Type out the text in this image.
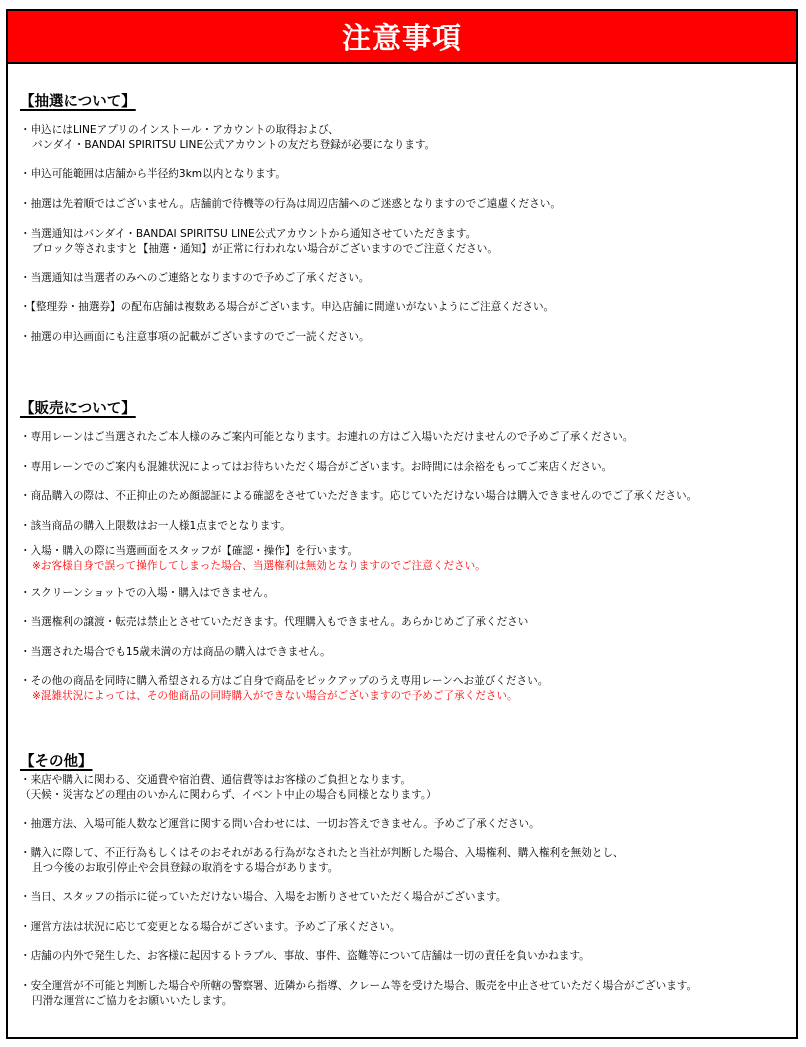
注意事項
【抽選について】
・申込にはLINEアプリのインストール・アカウントの取得および、
バンダイ・BANDAI SPIRITSU LINE公式アカウントの友だち登録が必要になります。
・申込可能範囲は店舗から半径約3km以内となります。
・抽選は先着順ではございません。店舗前で待機等の行為は周辺店舗へのご迷惑となりますのでご遠慮ください。
・当選通知はバンダイ・BANDAI SPIRITSU LINE公式アカウントから通知させていただきます。
ブロック等されますと【抽選・通知】が正常に行われない場合がございますのでご注意ください。
・当選通知は当選者のみへのご連絡となりますので予めご了承ください。
・【整理券・抽選券】の配布店舗は複数ある場合がございます。申込店舗に間違いがないようにご注意ください。
・抽選の申込画面にも注意事項の記載がございますのでご一読ください。
【販売について】
・専用レーンはご当選されたご本人様のみご案内可能となります。お連れの方はご入場いただけませんので予めご了承ください。
・専用レーンでのご案内も混雑状況によってはお待ちいただく場合がございます。お時間には余裕をもってご来店ください。
・商品購入の際は、不正抑止のため顔認証による確認をさせていただきます。応じていただけない場合は購入できませんのでご了承ください。
・該当商品の購入上限数はお一人様1点までとなります。
・入場・購入の際に当選画面をスタッフが【確認・操作】を行います。
※お客様自身で誤って操作してしまった場合、当選権利は無効となりますのでご注意ください。
・スクリーンショットでの入場・購入はできません。
・当選権利の譲渡・転売は禁止とさせていただきます。代理購入もできません。あらかじめご了承ください
・当選された場合でも15歳未満の方は商品の購入はできません。
・その他の商品を同時に購入希望される方はご自身で商品をピックアップのうえ専用レーンへお並びください。
※混雑状況によっては、その他商品の同時購入ができない場合がございますので予めご了承ください。
【その他】
・来店や購入に関わる、交通費や宿泊費、通信費等はお客様のご負担となります。
（天候・災害などの理由のいかんに関わらず、イベント中止の場合も同様となります。）
・抽選方法、入場可能人数など運営に関する問い合わせには、一切お答えできません。予めご了承ください。
・購入に際して、不正行為もしくはそのおそれがある行為がなされたと当社が判断した場合、入場権利、購入権利を無効とし、
且つ今後のお取引停止や会員登録の取消をする場合があります。
・当日、スタッフの指示に従っていただけない場合、入場をお断りさせていただく場合がございます。
・運営方法は状況に応じて変更となる場合がございます。予めご了承ください。
・店舗の内外で発生した、お客様に起因するトラブル、事故、事件、盗難等について店舗は一切の責任を負いかねます。
・安全運営が不可能と判断した場合や所轄の警察署、近隣から指導、クレーム等を受けた場合、販売を中止させていただく場合がございます。
円滑な運営にご協力をお願いいたします。
